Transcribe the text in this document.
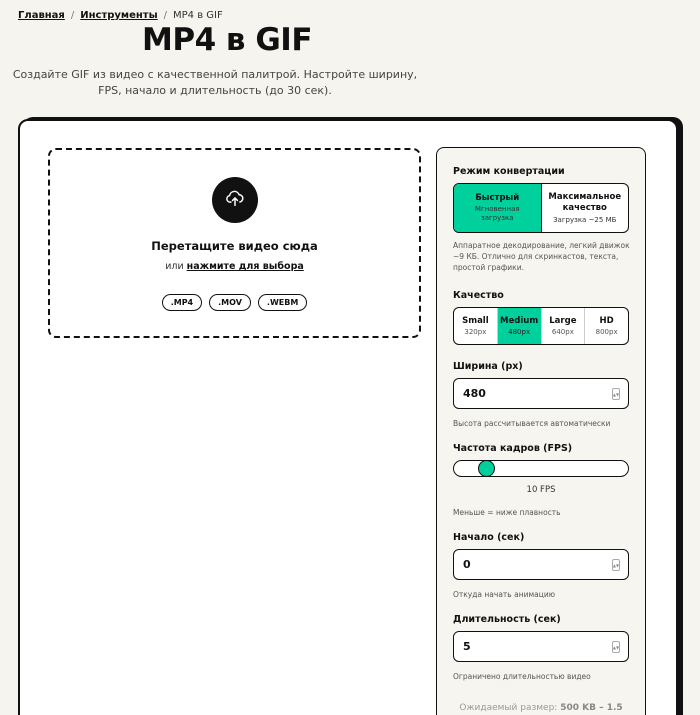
Главная / Инструменты / MP4 в GIF
MP4 в GIF

Создайте GIF из видео с качественной палитрой. Настройте ширину, FPS, начало и длительность (до 30 сек).

Перетащите видео сюда
или нажмите для выбора
.MP4	.MOV	.WEBM
Режим конвертации
Быстрый
Мгновенная загрузка
Максимальное качество
Загрузка ~25 МБ
Аппаратное декодирование, легкий движок ~9 КБ. Отлично для скринкастов, текста, простой графики.
Качество
Small
320px
Medium
480px
Large
640px
HD
800px
Ширина (px)
480	▲▼
Высота рассчитывается автоматически
Частота кадров (FPS)
10 FPS
Меньше = ниже плавность
Начало (сек)
0	▲▼
Откуда начать анимацию
Длительность (сек)
5	▲▼
Ограничено длительностью видео
Ожидаемый размер: 500 KB – 1.5
